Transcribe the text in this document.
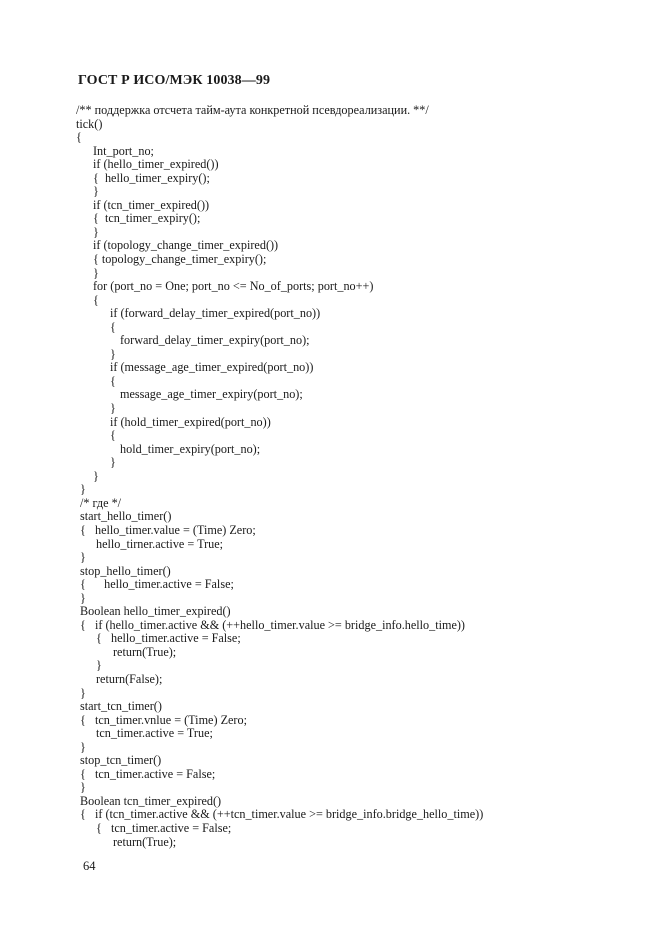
ГОСТ Р ИСО/МЭК 10038—99
/** поддержка отсчета тайм-аута конкретной псевдореализации. **/
tick()
{
Int_port_no;
if (hello_timer_expired())
{  hello_timer_expiry();
}
if (tcn_timer_expired())
{  tcn_timer_expiry();
}
if (topology_change_timer_expired())
{ topology_change_timer_expiry();
}
for (port_no = One; port_no <= No_of_ports; port_no++)
{
if (forward_delay_timer_expired(port_no))
{
forward_delay_timer_expiry(port_no);
}
if (message_age_timer_expired(port_no))
{
message_age_timer_expiry(port_no);
}
if (hold_timer_expired(port_no))
{
hold_timer_expiry(port_no);
}
}
}
/* где */
start_hello_timer()
{   hello_timer.value = (Time) Zero;
hello_tirner.active = True;
}
stop_hello_timer()
{      hello_timer.active = False;
}
Boolean hello_timer_expired()
{   if (hello_timer.active && (++hello_timer.value >= bridge_info.hello_time))
{   hello_timer.active = False;
return(True);
}
return(False);
}
start_tcn_timer()
{   tcn_timer.vnlue = (Time) Zero;
tcn_timer.active = True;
}
stop_tcn_timer()
{   tcn_timer.active = False;
}
Boolean tcn_timer_expired()
{   if (tcn_timer.active && (++tcn_timer.value >= bridge_info.bridge_hello_time))
{   tcn_timer.active = False;
return(True);
64
